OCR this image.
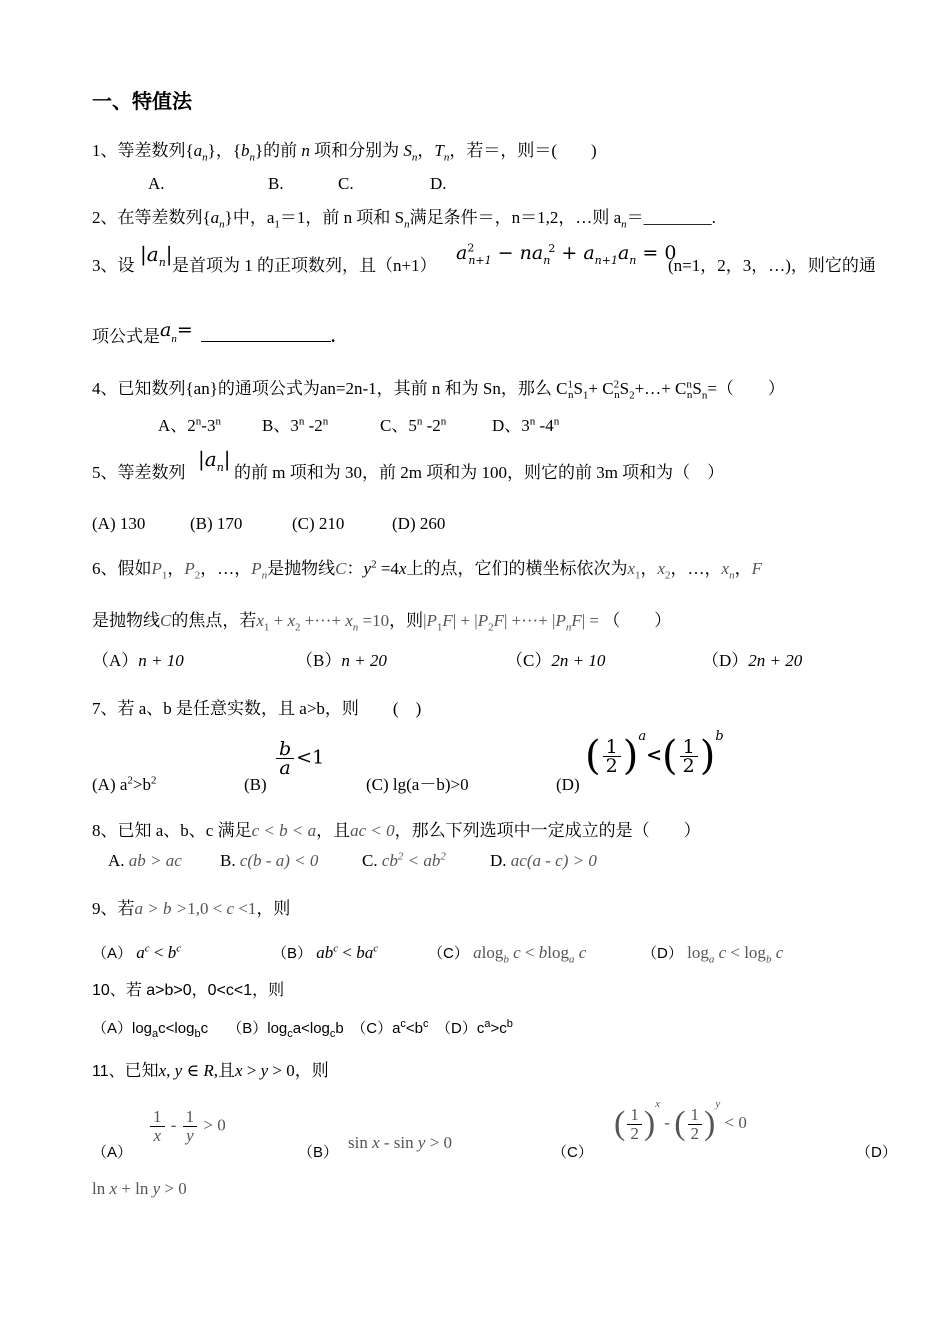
一、特值法
1、等差数列$\{a_n\}$，$\{b_n\}$的前 n 项和分别为 $S_n$，$T_n$，若＝，则＝(　　)
A.	B.	C.	D.
2、在等差数列$\{a_n\}$中，$a_1=1$，前 n 项和 $S_n$满足条件＝，n＝1,2，…则 $a_n=\_\_\_\_\_\_\_\_$.
3、设 $|a_n|$ 是首项为 1 的正项数列，且（n+1）
$a^2_{n+1} - na_n^2 + a_{n+1}a_n = 0$
(n=1，2，3，…)，则它的通
项公式是$a_n=$	.
4、已知数列{an}的通项公式为an=2n-1，其前 n 和为 Sn，那么 $C^1_nS_1+$ $C^2_nS_2+\dots+ C^n_nS_n=$（　　）
A、2$^n$-3$^n$ B、3$^n$ -2$^n$	C、5$^n$ -2$^n$	D、3$^n$ -4$^n$
5、等差数列
$|a_n|$
的前 m 项和为 30，前 2m 项和为 100，则它的前 3m 项和为（　）
(A) 130	(B) 170	(C) 210	(D) 260
6、假如$P_1$，$P_2$，…，$P_n$是抛物线C：$y^2 =4x$上的点，它们的横坐标依次为$x_1$，$x_2$，…，$x_n$，F
是抛物线C的焦点，若$x_1 + x_2$ +···+ $x_n =10$，则$|P_1F| + |P_2F|$ +···+ $|P_nF|$ = （　　）
（A）n + 10	（B）n + 20	（C）2n + 10	（D）2n + 20
7、若 a、b 是任意实数，且 a>b，则　　(　)
(A) $a^2>b^2$	(B)
$\frac{b}{a} <1$
(C) lg(a－b)>0	(D)
( $\frac{1}{2} )^a<( \frac{1}{2} )^b$
8、已知 a、b、c 满足c < b < a，且ac < 0，那么下列选项中一定成立的是（　　）
A. ab > ac B. c(b - a) < 0	C. $cb^2 < ab^2$	D. ac(a - c) > 0
9、若a > b >1,0 < c <1，则
（A） $a^c < b^c$	（B） $ab^c < ba^c$	（C） alog$_b$ c < blog$_a$ c	（D） $\log_a c < \log_b c$
10、若 a>b>0，0<c<1，则
$(A)\log_ac<\log_bc$　 $(B)\log_ca<\log_cb$　$(C)a^c<b^c$　$(D)c^a>c^b$
11、已知x, y ∈ R,且x > y > 0，则
（A）
$\frac{1}{x} - \frac{1}{y} > 0$
（B）
sin x - sin y > 0
（C）
( $\frac{1}{2} )^x$ - ( $\frac{1}{2} )^y < 0$
（D）
ln x + ln y > 0
